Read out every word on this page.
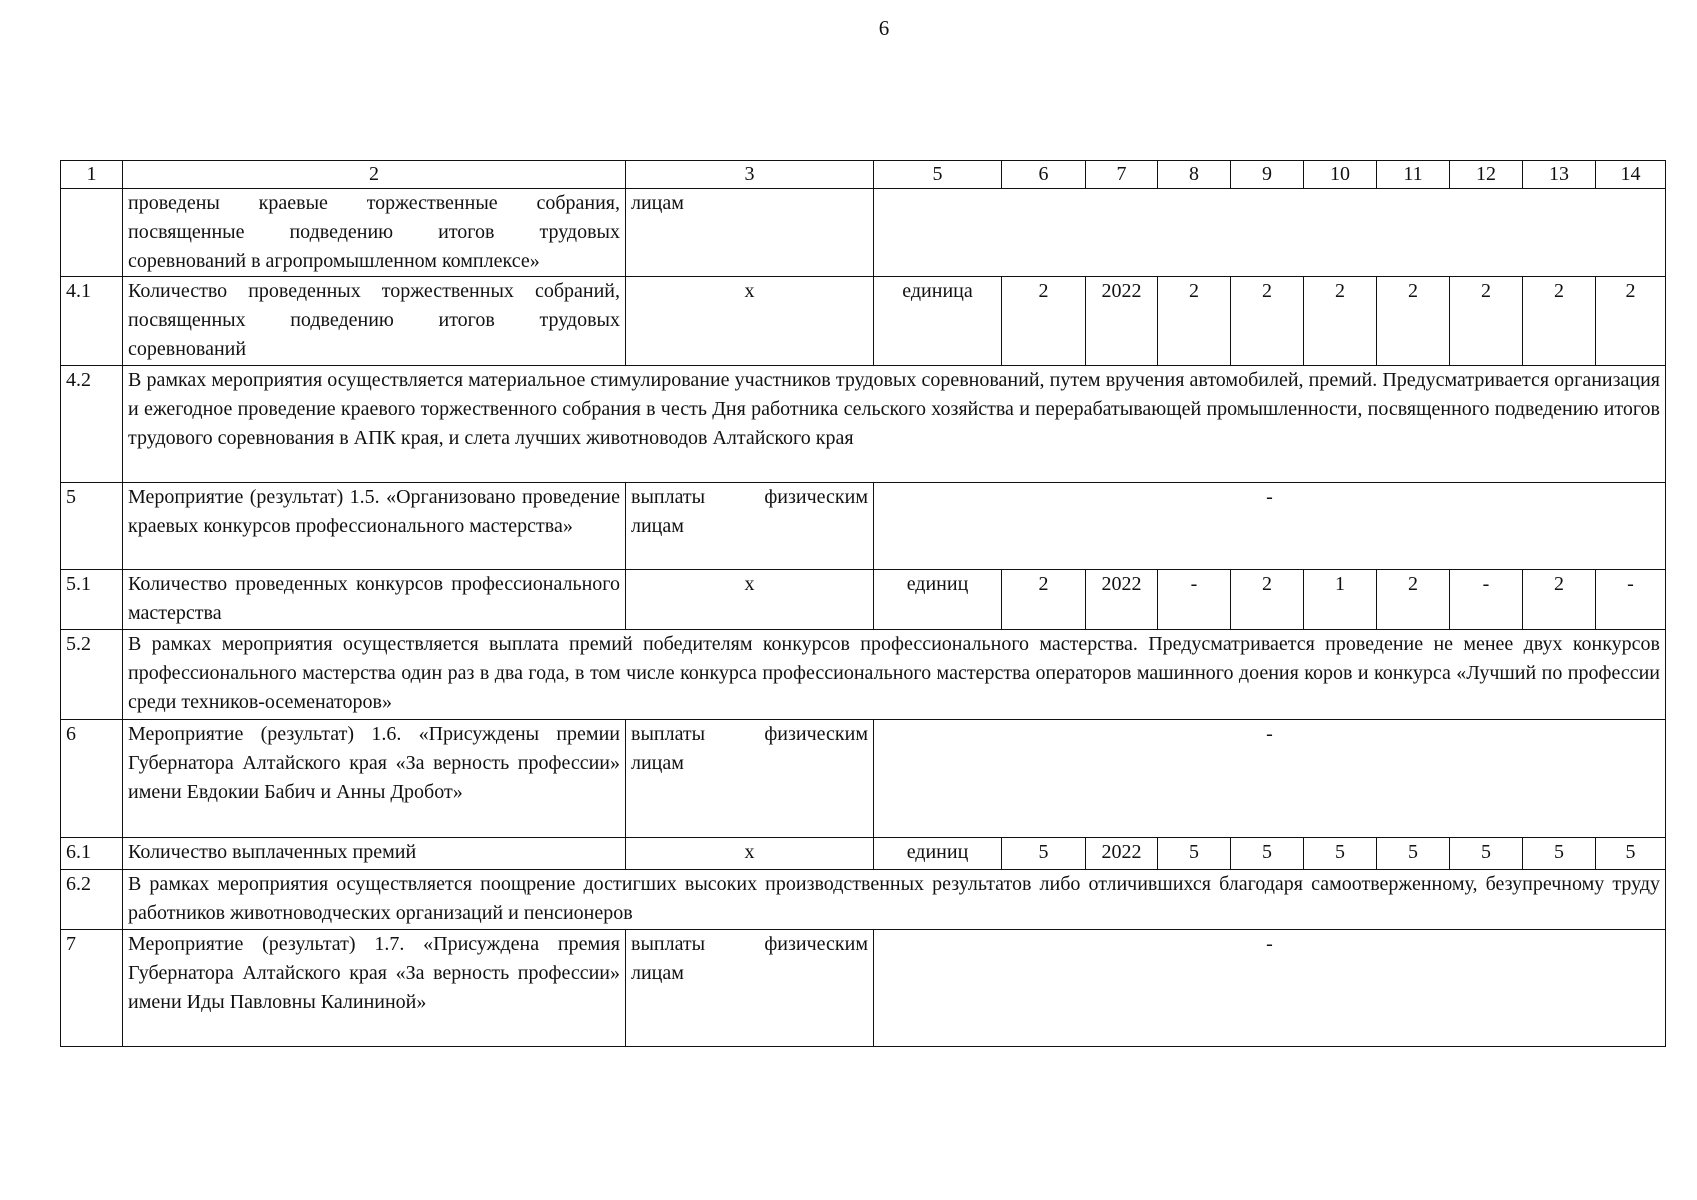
6
1	2	3	5	6	7	8	9	10	11	12	13	14
	проведены краевые торжественные собрания, посвященные подведению итогов трудовых соревнований в агропромышленном комплексе»	лицам										
4.1	Количество проведенных торжественных собраний, посвященных подведению итогов трудовых соревнований	х	единица	2	2022	2	2	2	2	2	2	2
4.2	В рамках мероприятия осуществляется материальное стимулирование участников трудовых соревнований, путем вручения автомобилей, премий. Предусматривается организация и ежегодное проведение краевого торжественного собрания в честь Дня работника сельского хозяйства и перерабатывающей промышленности, посвященного подведению итогов трудового соревнования в АПК края, и слета лучших животноводов Алтайского края											
5	Мероприятие (результат) 1.5. «Организовано проведение краевых конкурсов профессионального мастерства»	выплаты физическим лицам	-									
5.1	Количество проведенных конкурсов профессионального мастерства	х	единиц	2	2022	-	2	1	2	-	2	-
5.2	В рамках мероприятия осуществляется выплата премий победителям конкурсов профессионального мастерства. Предусматривается проведение не менее двух конкурсов профессионального мастерства один раз в два года, в том числе конкурса профессионального мастерства операторов машинного доения коров и конкурса «Лучший по профессии среди техников-осеменаторов»											
6	Мероприятие (результат) 1.6. «Присуждены премии Губернатора Алтайского края «За верность профессии» имени Евдокии Бабич и Анны Дробот»	выплаты физическим лицам	-									
6.1	Количество выплаченных премий	х	единиц	5	2022	5	5	5	5	5	5	5
6.2	В рамках мероприятия осуществляется поощрение достигших высоких производственных результатов либо отличившихся благодаря самоотверженному, безупречному труду работников животноводческих организаций и пенсионеров											
7	Мероприятие (результат) 1.7. «Присуждена премия Губернатора Алтайского края «За верность профессии» имени Иды Павловны Калининой»	выплаты физическим лицам	-									
